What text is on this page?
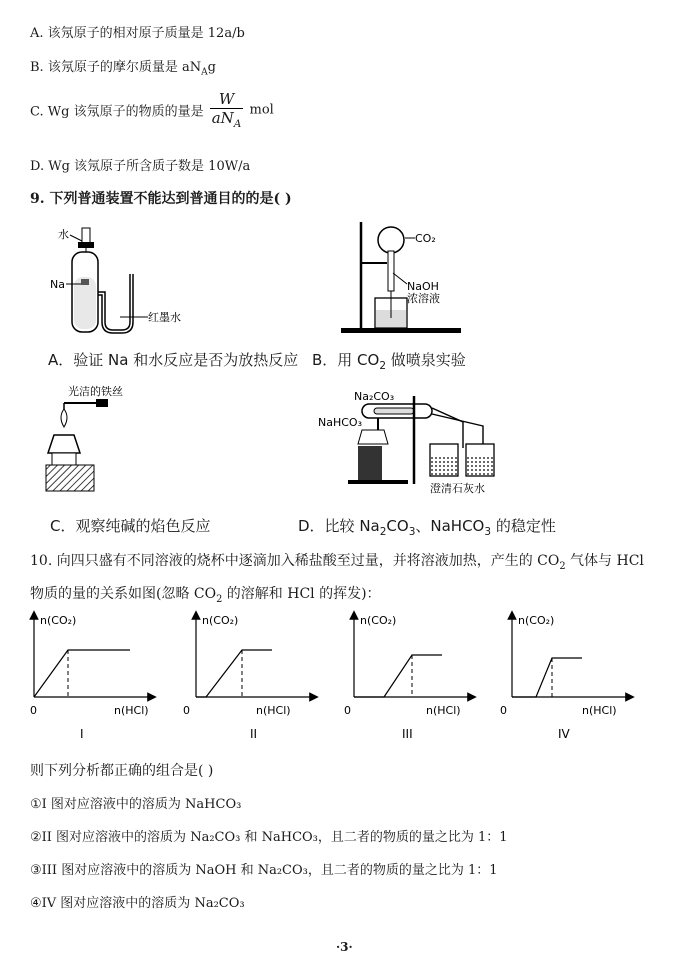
A. 该氖原子的相对原子质量是 12a/b
B. 该氖原子的摩尔质量是 $aN_Ag$
C. Wg 该氖原子的物质的量是 $\frac{W}{aN_A}$ mol
D. Wg 该氖原子所含质子数是 10W/a
9. 下列普通装置不能达到普通目的的是( )
水
Na
红墨水
CO₂
NaOH
浓溶液
A．验证 Na 和水反应是否为放热反应 B．用 $CO_2$ 做喷泉实验
光洁的铁丝	Na₂CO₃
NaHCO₃
澄清石灰水
C．观察纯碱的焰色反应	D．比较 $Na_2CO_3$、NaHCO$_3$ 的稳定性
10. 向四只盛有不同溶液的烧杯中逐滴加入稀盐酸至过量，并将溶液加热，产生的 $CO_2$ 气体与 HCl
物质的量的关系如图(忽略 $CO_2$ 的溶解和 HCl 的挥发)：
n(CO₂)
0	n(HCl)
I
n(CO₂)
0	n(HCl)
II
n(CO₂)
0	n(HCl)
III
n(CO₂)
0	n(HCl)
IV
则下列分析都正确的组合是( )
①I 图对应溶液中的溶质为 NaHCO₃
②II 图对应溶液中的溶质为 Na₂CO₃ 和 NaHCO₃，且二者的物质的量之比为 1：1
③III 图对应溶液中的溶质为 NaOH 和 Na₂CO₃，且二者的物质的量之比为 1：1
④IV 图对应溶液中的溶质为 Na₂CO₃
·3·
